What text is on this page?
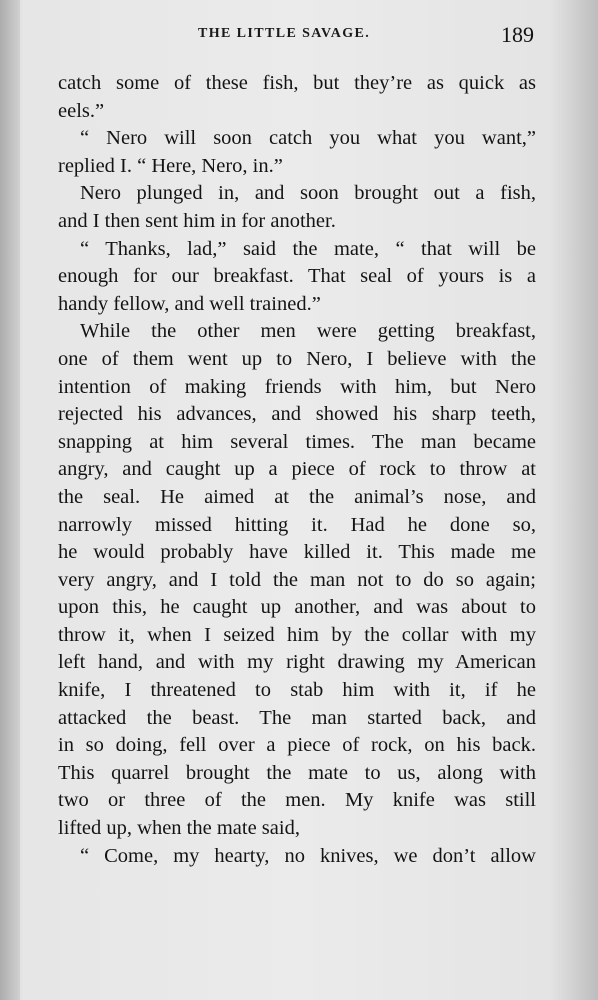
THE LITTLE SAVAGE.	189
catch some of these fish, but they’re as quick as
eels.”
“ Nero will soon catch you what you want,”
replied I. “ Here, Nero, in.”
Nero plunged in, and soon brought out a fish,
and I then sent him in for another.
“ Thanks, lad,” said the mate, “ that will be
enough for our breakfast. That seal of yours is a
handy fellow, and well trained.”
While the other men were getting breakfast,
one of them went up to Nero, I believe with the
intention of making friends with him, but Nero
rejected his advances, and showed his sharp teeth,
snapping at him several times. The man became
angry, and caught up a piece of rock to throw at
the seal. He aimed at the animal’s nose, and
narrowly missed hitting it. Had he done so,
he would probably have killed it. This made me
very angry, and I told the man not to do so again;
upon this, he caught up another, and was about to
throw it, when I seized him by the collar with my
left hand, and with my right drawing my American
knife, I threatened to stab him with it, if he
attacked the beast. The man started back, and
in so doing, fell over a piece of rock, on his back.
This quarrel brought the mate to us, along with
two or three of the men. My knife was still
lifted up, when the mate said,
“ Come, my hearty, no knives, we don’t allow
